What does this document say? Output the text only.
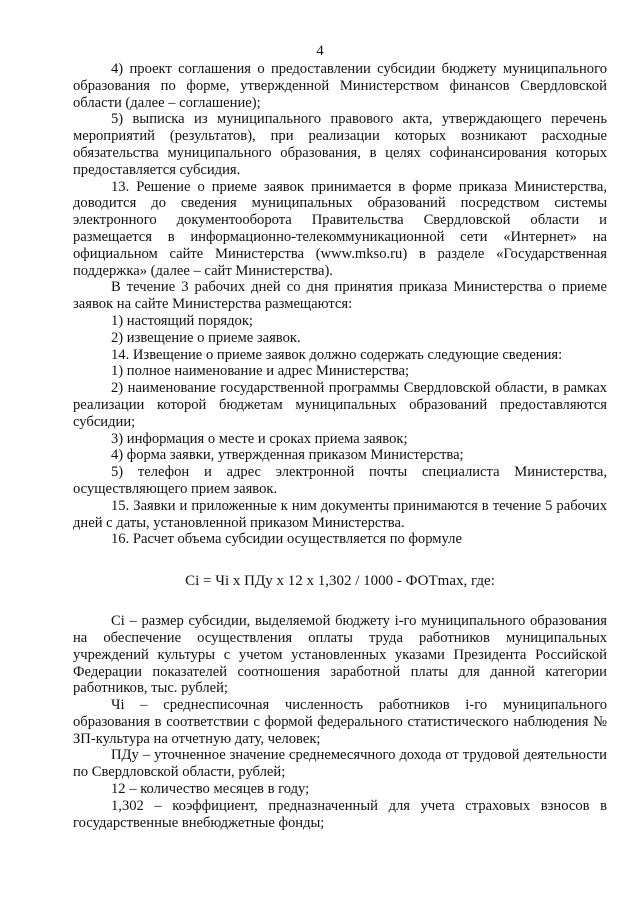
4

4) проект соглашения о предоставлении субсидии бюджету муниципального образования по форме, утвержденной Министерством финансов Свердловской области (далее – соглашение);

5) выписка из муниципального правового акта, утверждающего перечень мероприятий (результатов), при реализации которых возникают расходные обязательства муниципального образования, в целях софинансирования которых предоставляется субсидия.

13. Решение о приеме заявок принимается в форме приказа Министерства, доводится до сведения муниципальных образований посредством системы электронного документооборота Правительства Свердловской области и размещается в информационно-телекоммуникационной сети «Интернет» на официальном сайте Министерства (www.mkso.ru) в разделе «Государственная поддержка» (далее – сайт Министерства).

В течение 3 рабочих дней со дня принятия приказа Министерства о приеме заявок на сайте Министерства размещаются:

1) настоящий порядок;

2) извещение о приеме заявок.

14. Извещение о приеме заявок должно содержать следующие сведения:

1) полное наименование и адрес Министерства;

2) наименование государственной программы Свердловской области, в рамках реализации которой бюджетам муниципальных образований предоставляются субсидии;

3) информация о месте и сроках приема заявок;

4) форма заявки, утвержденная приказом Министерства;

5) телефон и адрес электронной почты специалиста Министерства, осуществляющего прием заявок.

15. Заявки и приложенные к ним документы принимаются в течение 5 рабочих дней с даты, установленной приказом Министерства.

16. Расчет объема субсидии осуществляется по формуле

Ci = Чi x ПДу x 12 x 1,302 / 1000 - ФОТmax, где:

Ci – размер субсидии, выделяемой бюджету i-го муниципального образования на обеспечение осуществления оплаты труда работников муниципальных учреждений культуры с учетом установленных указами Президента Российской Федерации показателей соотношения заработной платы для данной категории работников, тыс. рублей;

Чi – среднесписочная численность работников i-го муниципального образования в соответствии с формой федерального статистического наблюдения № ЗП-культура на отчетную дату, человек;

ПДу – уточненное значение среднемесячного дохода от трудовой деятельности по Свердловской области, рублей;

12 – количество месяцев в году;

1,302 – коэффициент, предназначенный для учета страховых взносов в государственные внебюджетные фонды;
